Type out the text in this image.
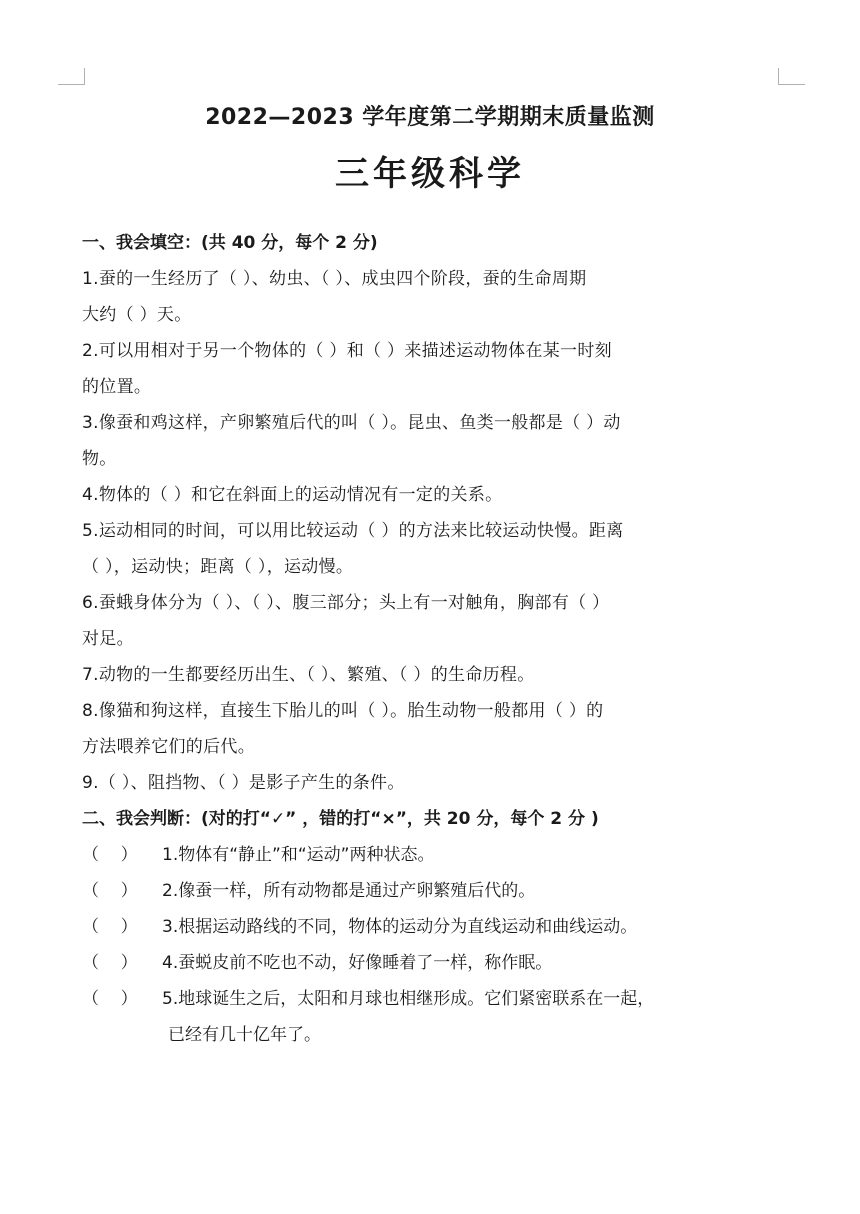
2022—2023 学年度第二学期期末质量监测
三年级科学
一、我会填空：(共 40 分，每个 2 分)
1.蚕的一生经历了（ ）、幼虫、（ ）、成虫四个阶段，蚕的生命周期
大约（ ）天。
2.可以用相对于另一个物体的（ ）和（ ）来描述运动物体在某一时刻
的位置。
3.像蚕和鸡这样，产卵繁殖后代的叫（ ）。昆虫、鱼类一般都是（ ）动
物。
4.物体的（ ）和它在斜面上的运动情况有一定的关系。
5.运动相同的时间，可以用比较运动（ ）的方法来比较运动快慢。距离
（ ），运动快；距离（ ），运动慢。
6.蚕蛾身体分为（ ）、（ ）、腹三部分；头上有一对触角，胸部有（ ）
对足。
7.动物的一生都要经历出生、（ ）、繁殖、（ ）的生命历程。
8.像猫和狗这样，直接生下胎儿的叫（ ）。胎生动物一般都用（ ）的
方法喂养它们的后代。
9.（ ）、阻挡物、（ ）是影子产生的条件。
二、我会判断：(对的打“✓” ，错的打“×”，共 20 分，每个 2 分 )
（    ）	1.物体有“静止”和“运动”两种状态。
（    ）	2.像蚕一样，所有动物都是通过产卵繁殖后代的。
（    ）	3.根据运动路线的不同，物体的运动分为直线运动和曲线运动。
（    ）	4.蚕蜕皮前不吃也不动，好像睡着了一样，称作眠。
（    ）	5.地球诞生之后，太阳和月球也相继形成。它们紧密联系在一起，
已经有几十亿年了。
